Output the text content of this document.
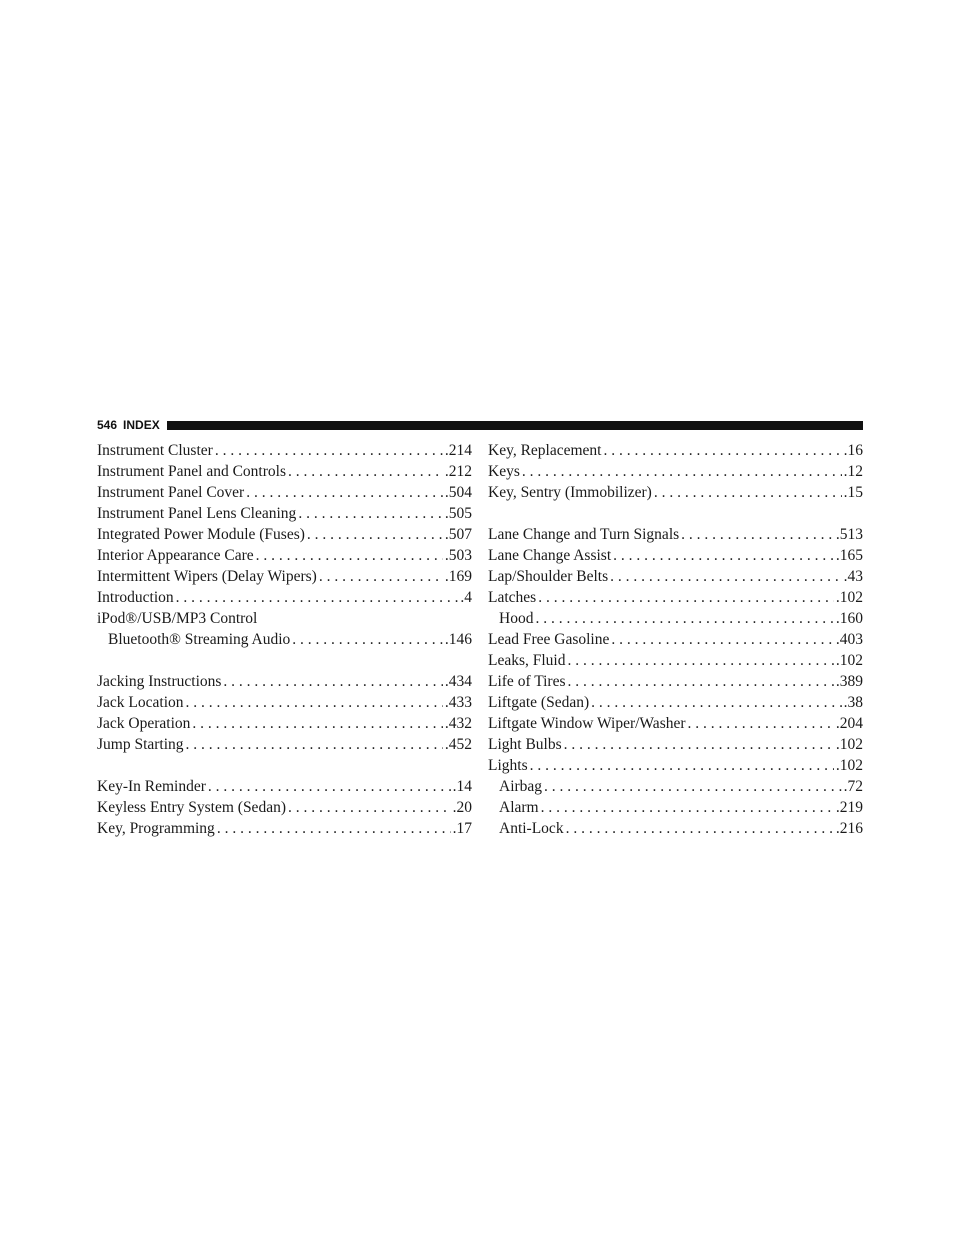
546 INDEX
Instrument Cluster . . .	.214
Instrument Panel and Controls . . .	.212
Instrument Panel Cover . . .	.504
Instrument Panel Lens Cleaning . . .	.505
Integrated Power Module (Fuses) . . .	.507
Interior Appearance Care . . .	.503
Intermittent Wipers (Delay Wipers) . . .	.169
Introduction . . .	.4
iPod®/USB/MP3 Control
Bluetooth® Streaming Audio . . .	.146
Jacking Instructions . . .	.434
Jack Location . . .	.433
Jack Operation . . .	.432
Jump Starting . . .	.452
Key-In Reminder . . .	.14
Keyless Entry System (Sedan) . . .	.20
Key, Programming . . .	.17
Key, Replacement . . .	.16
Keys . . .	.12
Key, Sentry (Immobilizer) . . .	.15
Lane Change and Turn Signals . . .	.513
Lane Change Assist . . .	.165
Lap/Shoulder Belts . . .	.43
Latches . . .	.102
Hood . . .	.160
Lead Free Gasoline . . .	.403
Leaks, Fluid . . .	.102
Life of Tires . . .	.389
Liftgate (Sedan) . . .	.38
Liftgate Window Wiper/Washer . . .	.204
Light Bulbs . . .	.102
Lights . . .	.102
Airbag . . .	.72
Alarm . . .	.219
Anti-Lock . . .	.216
